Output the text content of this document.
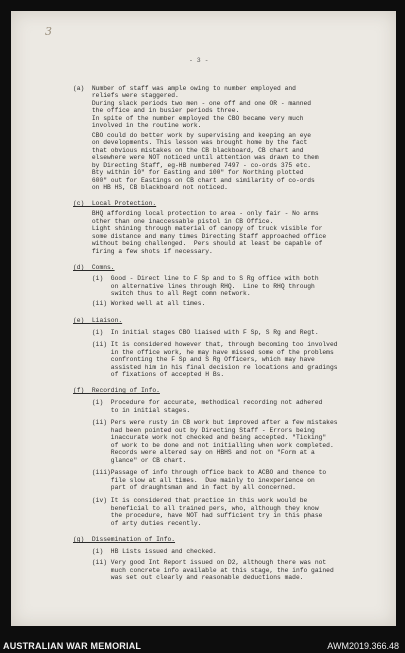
3
- 3 -
(a)  Number of staff was ample owing to number employed and
reliefs were staggered.
During slack periods two men - one off and one OR - manned
the office and in busier periods three.
In spite of the number employed the CBO became very much
involved in the routine work.
CBO could do better work by supervising and keeping an eye
on developments. This lesson was brought home by the fact
that obvious mistakes on the CB blackboard, CB chart and
elsewhere were NOT noticed until attention was drawn to them
by Directing Staff, eg-HB numbered 7497 - co-ords 375 etc.
Bty within 10" for Easting and 100" for Northing plotted
600" out for Eastings on CB chart and similarity of co-ords
on HB HS, CB blackboard not noticed.
(c)  Local Protection.
BHQ affording local protection to area - only fair - No arms
other than one inaccessable pistol in CB Office.
Light shining through material of canopy of truck visible for
some distance and many times Directing Staff approached office
without being challenged.  Pers should at least be capable of
firing a few shots if necessary.
(d)  Comns.
(i)  Good - Direct line to F Sp and to S Rg office with both
on alternative lines through RHQ.  Line to RHQ through
switch thus to all Regt comn network.
(ii) Worked well at all times.
(e)  Liaison.
(i)  In initial stages CBO liaised with F Sp, S Rg and Regt.
(ii) It is considered however that, through becoming too involved
in the office work, he may have missed some of the problems
confronting the F Sp and S Rg Officers, which may have
assisted him in his final decision re locations and gradings
of fixations of accepted H Bs.
(f)  Recording of Info.
(i)  Procedure for accurate, methodical recording not adhered
to in initial stages.
(ii) Pers were rusty in CB work but improved after a few mistakes
had been pointed out by Directing Staff - Errors being
inaccurate work not checked and being accepted. "Ticking"
of work to be done and not initialling when work completed.
Records were altered say on HBHS and not on "Form at a
glance" or CB chart.
(iii)Passage of info through office back to ACBO and thence to
file slow at all times.  Due mainly to inexperience on
part of draughtsman and in fact by all concerned.
(iv) It is considered that practice in this work would be
beneficial to all trained pers, who, although they know
the procedure, have NOT had sufficient try in this phase
of arty duties recently.
(g)  Dissemination of Info.
(i)  HB Lists issued and checked.
(ii) Very good Int Report issued on D2, although there was not
much concrete info available at this stage, the info gained
was set out clearly and reasonable deductions made.
AUSTRALIAN WAR MEMORIAL	AWM2019.366.48
